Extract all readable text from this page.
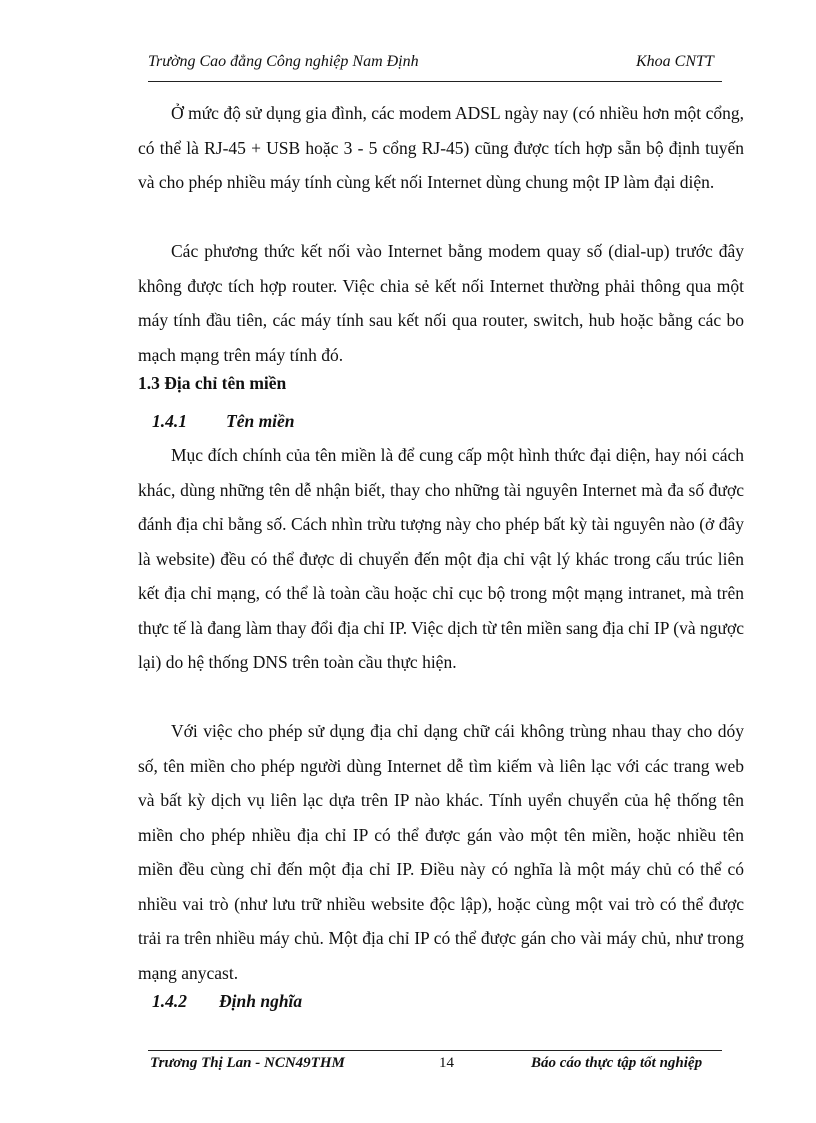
Trường Cao đẳng Công nghiệp Nam Định	Khoa CNTT

Ở mức độ sử dụng gia đình, các modem ADSL ngày nay (có nhiều hơn một cổng, có thể là RJ-45 + USB hoặc 3 - 5 cổng RJ-45) cũng được tích hợp sẵn bộ định tuyến và cho phép nhiều máy tính cùng kết nối Internet dùng chung một IP làm đại diện.

Các phương thức kết nối vào Internet bằng modem quay số (dial-up) trước đây không được tích hợp router. Việc chia sẻ kết nối Internet thường phải thông qua một máy tính đầu tiên, các máy tính sau kết nối qua router, switch, hub hoặc bằng các bo mạch mạng trên máy tính đó.

1.3 Địa chỉ tên miền
1.4.1 Tên miền

Mục đích chính của tên miền là để cung cấp một hình thức đại diện, hay nói cách khác, dùng những tên dễ nhận biết, thay cho những tài nguyên Internet mà đa số được đánh địa chỉ bằng số. Cách nhìn trừu tượng này cho phép bất kỳ tài nguyên nào (ở đây là website) đều có thể được di chuyển đến một địa chỉ vật lý khác trong cấu trúc liên kết địa chỉ mạng, có thể là toàn cầu hoặc chỉ cục bộ trong một mạng intranet, mà trên thực tế là đang làm thay đổi địa chỉ IP. Việc dịch từ tên miền sang địa chỉ IP (và ngược lại) do hệ thống DNS trên toàn cầu thực hiện.

Với việc cho phép sử dụng địa chỉ dạng chữ cái không trùng nhau thay cho dóy số, tên miền cho phép người dùng Internet dễ tìm kiếm và liên lạc với các trang web và bất kỳ dịch vụ liên lạc dựa trên IP nào khác. Tính uyển chuyển của hệ thống tên miền cho phép nhiều địa chỉ IP có thể được gán vào một tên miền, hoặc nhiều tên miền đều cùng chỉ đến một địa chỉ IP. Điều này có nghĩa là một máy chủ có thể có nhiều vai trò (như lưu trữ nhiều website độc lập), hoặc cùng một vai trò có thể được trải ra trên nhiều máy chủ. Một địa chỉ IP có thể được gán cho vài máy chủ, như trong mạng anycast.

1.4.2 Định nghĩa
Trương Thị Lan - NCN49THM	14	Báo cáo thực tập tốt nghiệp
